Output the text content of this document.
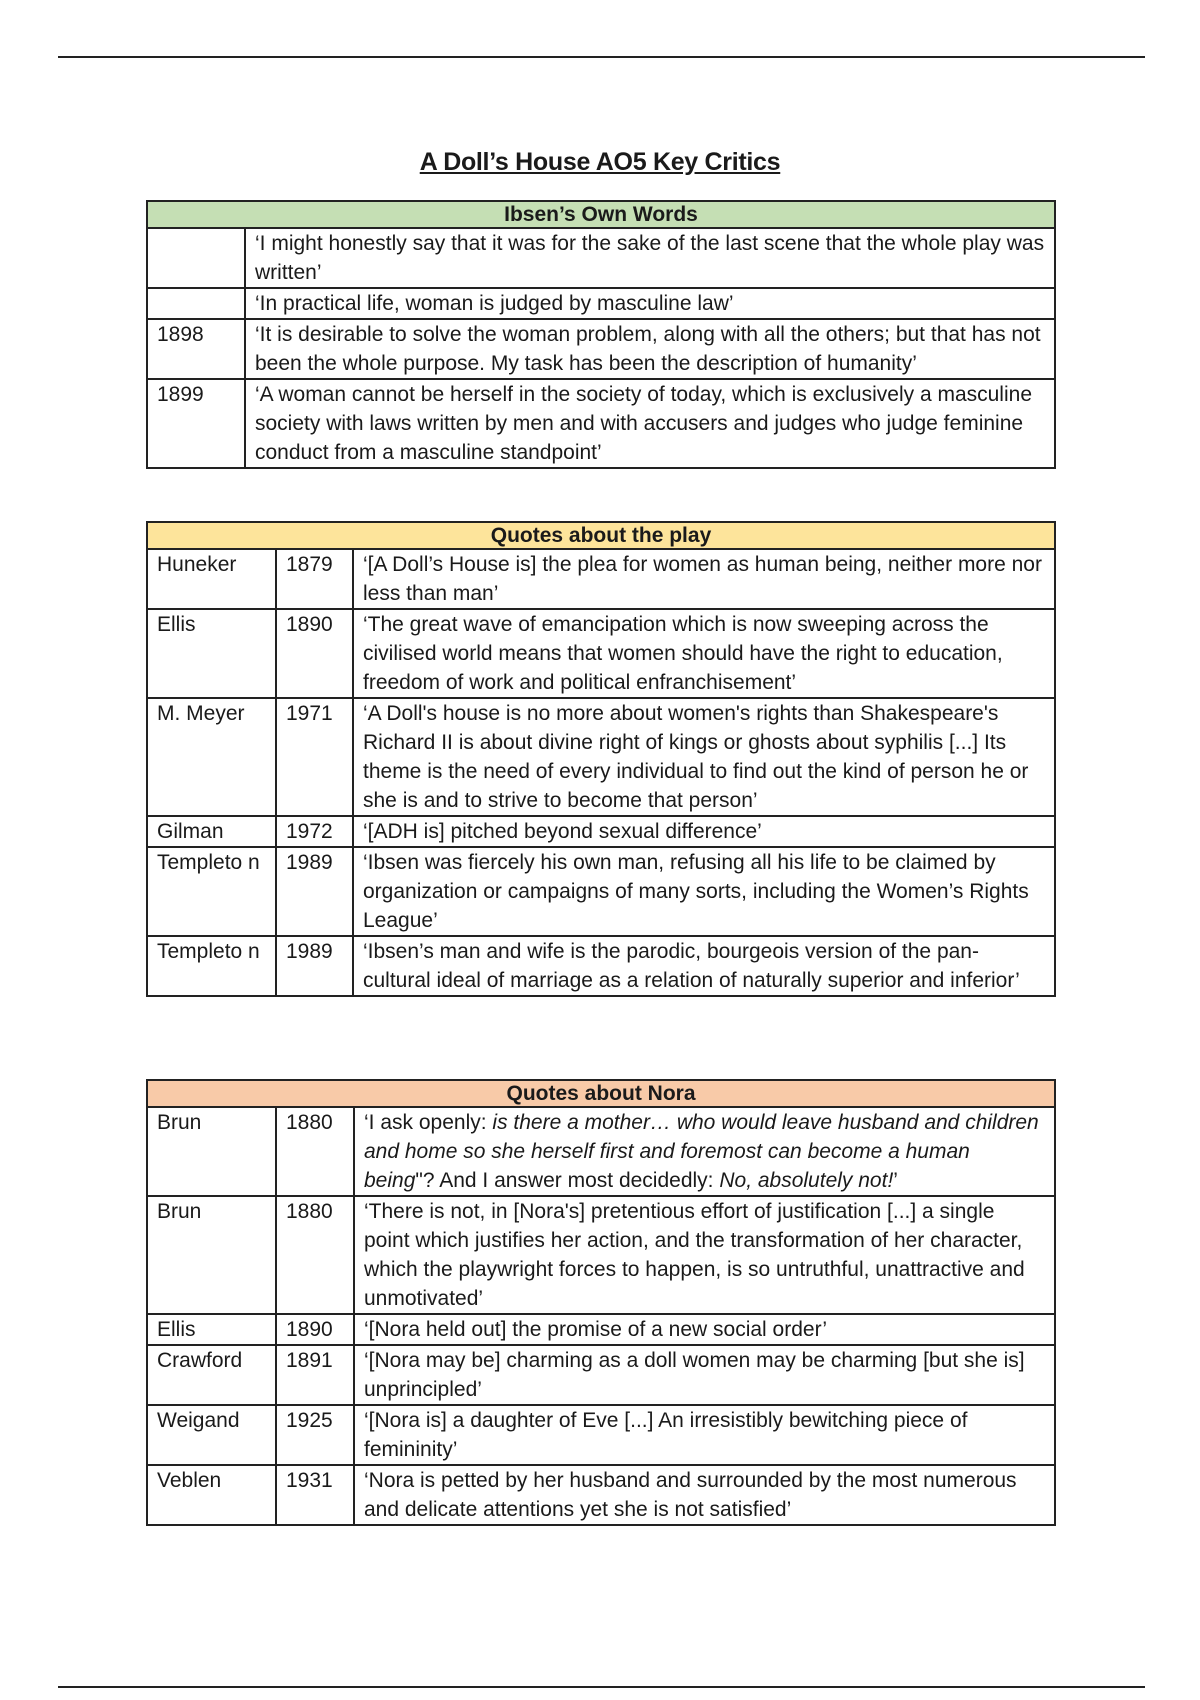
A Doll’s House AO5 Key Critics
Ibsen’s Own Words	
	‘I might honestly say that it was for the sake of the last scene that the whole play was written’
	‘In practical life, woman is judged by masculine law’
1898	‘It is desirable to solve the woman problem, along with all the others; but that has not been the whole purpose. My task has been the description of humanity’
1899	‘A woman cannot be herself in the society of today, which is exclusively a masculine society with laws written by men and with accusers and judges who judge feminine conduct from a masculine standpoint’
Quotes about the play		
Huneker	1879	‘[A Doll’s House is] the plea for women as human being, neither more nor less than man’
Ellis	1890	‘The great wave of emancipation which is now sweeping across the civilised world means that women should have the right to education, freedom of work and political enfranchisement’
M. Meyer	1971	‘A Doll's house is no more about women's rights than Shakespeare's Richard II is about divine right of kings or ghosts about syphilis [...] Its theme is the need of every individual to find out the kind of person he or she is and to strive to become that person’
Gilman	1972	‘[ADH is] pitched beyond sexual difference’
Templeto n	1989	‘Ibsen was fiercely his own man, refusing all his life to be claimed by organization or campaigns of many sorts, including the Women’s Rights League’
Templeto n	1989	‘Ibsen’s man and wife is the parodic, bourgeois version of the pan-cultural ideal of marriage as a relation of naturally superior and inferior’
Quotes about Nora		
Brun	1880	‘I ask openly: is there a mother… who would leave husband and children and home so she herself first and foremost can become a human being"? And I answer most decidedly: No, absolutely not!’
Brun	1880	‘There is not, in [Nora's] pretentious effort of justification [...] a single point which justifies her action, and the transformation of her character, which the playwright forces to happen, is so untruthful, unattractive and unmotivated’
Ellis	1890	‘[Nora held out] the promise of a new social order’
Crawford	1891	‘[Nora may be] charming as a doll women may be charming [but she is] unprincipled’
Weigand	1925	‘[Nora is] a daughter of Eve [...] An irresistibly bewitching piece of femininity’
Veblen	1931	‘Nora is petted by her husband and surrounded by the most numerous and delicate attentions yet she is not satisfied’
